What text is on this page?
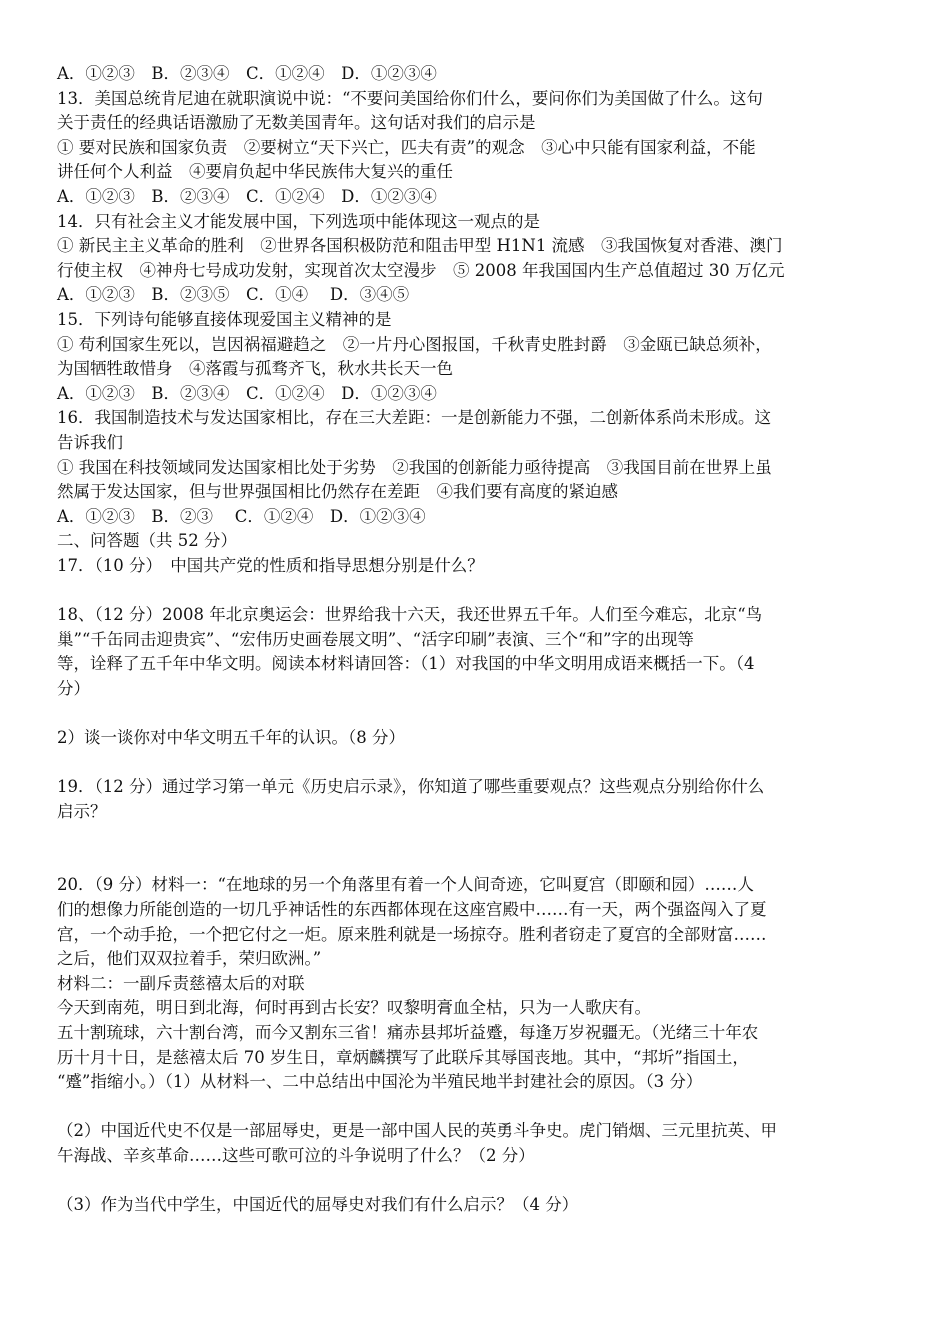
A．①②③　B．②③④　C．①②④　D．①②③④
13．美国总统肯尼迪在就职演说中说：“不要问美国给你们什么，要问你们为美国做了什么。这句
关于责任的经典话语激励了无数美国青年。这句话对我们的启示是
① 要对民族和国家负责　②要树立“天下兴亡，匹夫有责”的观念　③心中只能有国家利益，不能
讲任何个人利益　④要肩负起中华民族伟大复兴的重任
A．①②③　B．②③④　C．①②④　D．①②③④
14．只有社会主义才能发展中国，下列选项中能体现这一观点的是
① 新民主主义革命的胜利　②世界各国积极防范和阻击甲型 H1N1 流感　③我国恢复对香港、澳门
行使主权　④神舟七号成功发射，实现首次太空漫步　⑤ 2008 年我国国内生产总值超过 30 万亿元
A．①②③　B．②③⑤　C．①④　 D．③④⑤
15．下列诗句能够直接体现爱国主义精神的是
① 苟利国家生死以，岂因祸福避趋之　②一片丹心图报国，千秋青史胜封爵　③金瓯已缺总须补，
为国牺牲敢惜身　④落霞与孤骛齐飞，秋水共长天一色
A．①②③　B．②③④　C．①②④　D．①②③④
16．我国制造技术与发达国家相比，存在三大差距：一是创新能力不强，二创新体系尚未形成。这
告诉我们
① 我国在科技领域同发达国家相比处于劣势　②我国的创新能力亟待提高　③我国目前在世界上虽
然属于发达国家，但与世界强国相比仍然存在差距　④我们要有高度的紧迫感
A．①②③　B．②③　 C．①②④　D．①②③④
二、问答题（共 52 分）
17．（10 分）　中国共产党的性质和指导思想分别是什么？
18、（12 分）2008 年北京奥运会：世界给我十六天，我还世界五千年。人们至今难忘，北京“鸟
巢”“千缶同击迎贵宾”、“宏伟历史画卷展文明”、“活字印刷”表演、三个“和”字的出现等
等，诠释了五千年中华文明。阅读本材料请回答：（1）对我国的中华文明用成语来概括一下。（4
分）
2）谈一谈你对中华文明五千年的认识。（8 分）
19．（12 分）通过学习第一单元《历史启示录》，你知道了哪些重要观点？这些观点分别给你什么
启示？
20．（9 分）材料一：“在地球的另一个角落里有着一个人间奇迹，它叫夏宫（即颐和园）……人
们的想像力所能创造的一切几乎神话性的东西都体现在这座宫殿中……有一天，两个强盗闯入了夏
宫，一个动手抢，一个把它付之一炬。原来胜利就是一场掠夺。胜利者窃走了夏宫的全部财富……
之后，他们双双拉着手，荣归欧洲。”
材料二：一副斥责慈禧太后的对联
今天到南苑，明日到北海，何时再到古长安？叹黎明膏血全枯，只为一人歌庆有。
五十割琉球，六十割台湾，而今又割东三省！痛赤县邦圻益蹙，每逢万岁祝疆无。（光绪三十年农
历十月十日，是慈禧太后 70 岁生日，章炳麟撰写了此联斥其辱国丧地。其中，“邦圻”指国土，
“蹙”指缩小。）（1）从材料一、二中总结出中国沦为半殖民地半封建社会的原因。（3 分）
（2）中国近代史不仅是一部屈辱史，更是一部中国人民的英勇斗争史。虎门销烟、三元里抗英、甲
午海战、辛亥革命……这些可歌可泣的斗争说明了什么？（2 分）
（3）作为当代中学生，中国近代的屈辱史对我们有什么启示？（4 分）
